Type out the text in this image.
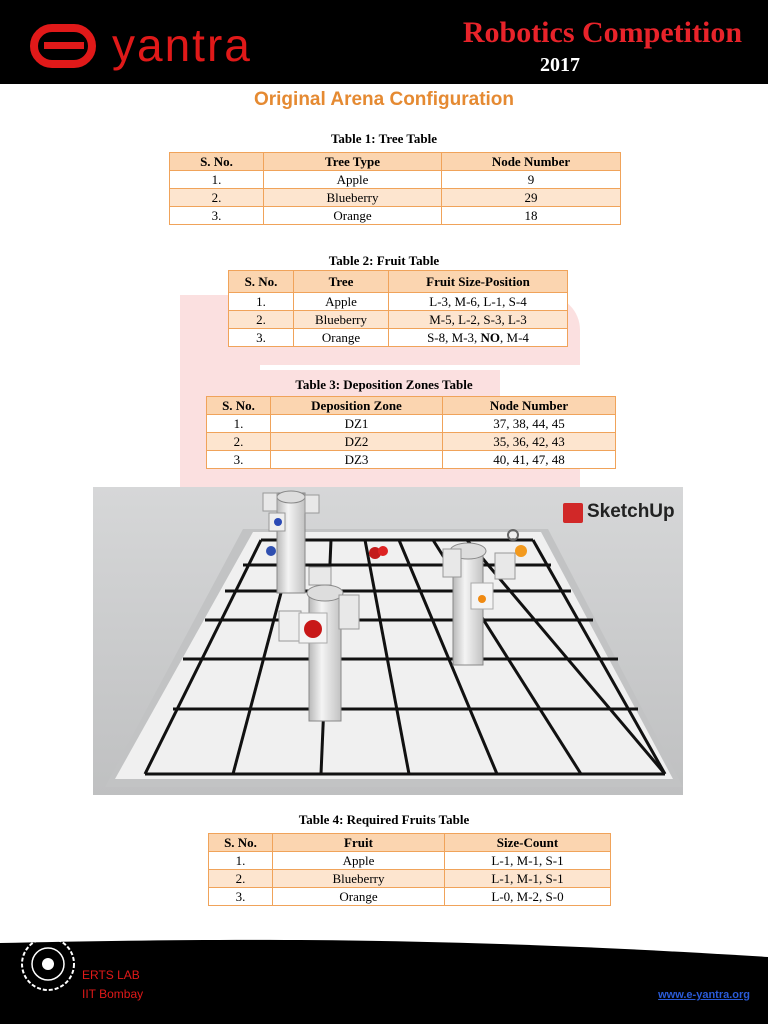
yantra	Robotics Competition
2017
Original Arena Configuration
Table 1: Tree Table
S. No.	Tree Type	Node Number
1.	Apple	9
2.	Blueberry	29
3.	Orange	18
Table 2: Fruit Table
S. No.	Tree	Fruit Size-Position
1.	Apple	L-3, M-6, L-1, S-4
2.	Blueberry	M-5, L-2, S-3, L-3
3.	Orange	S-8, M-3, NO, M-4
Table 3: Deposition Zones Table
S. No.	Deposition Zone	Node Number
1.	DZ1	37, 38, 44, 45
2.	DZ2	35, 36, 42, 43
3.	DZ3	40, 41, 47, 48
SketchUp
Table 4: Required Fruits Table
S. No.	Fruit	Size-Count
1.	Apple	L-1, M-1, S-1
2.	Blueberry	L-1, M-1, S-1
3.	Orange	L-0, M-2, S-0
ERTS LAB
IIT Bombay	www.e-yantra.org
